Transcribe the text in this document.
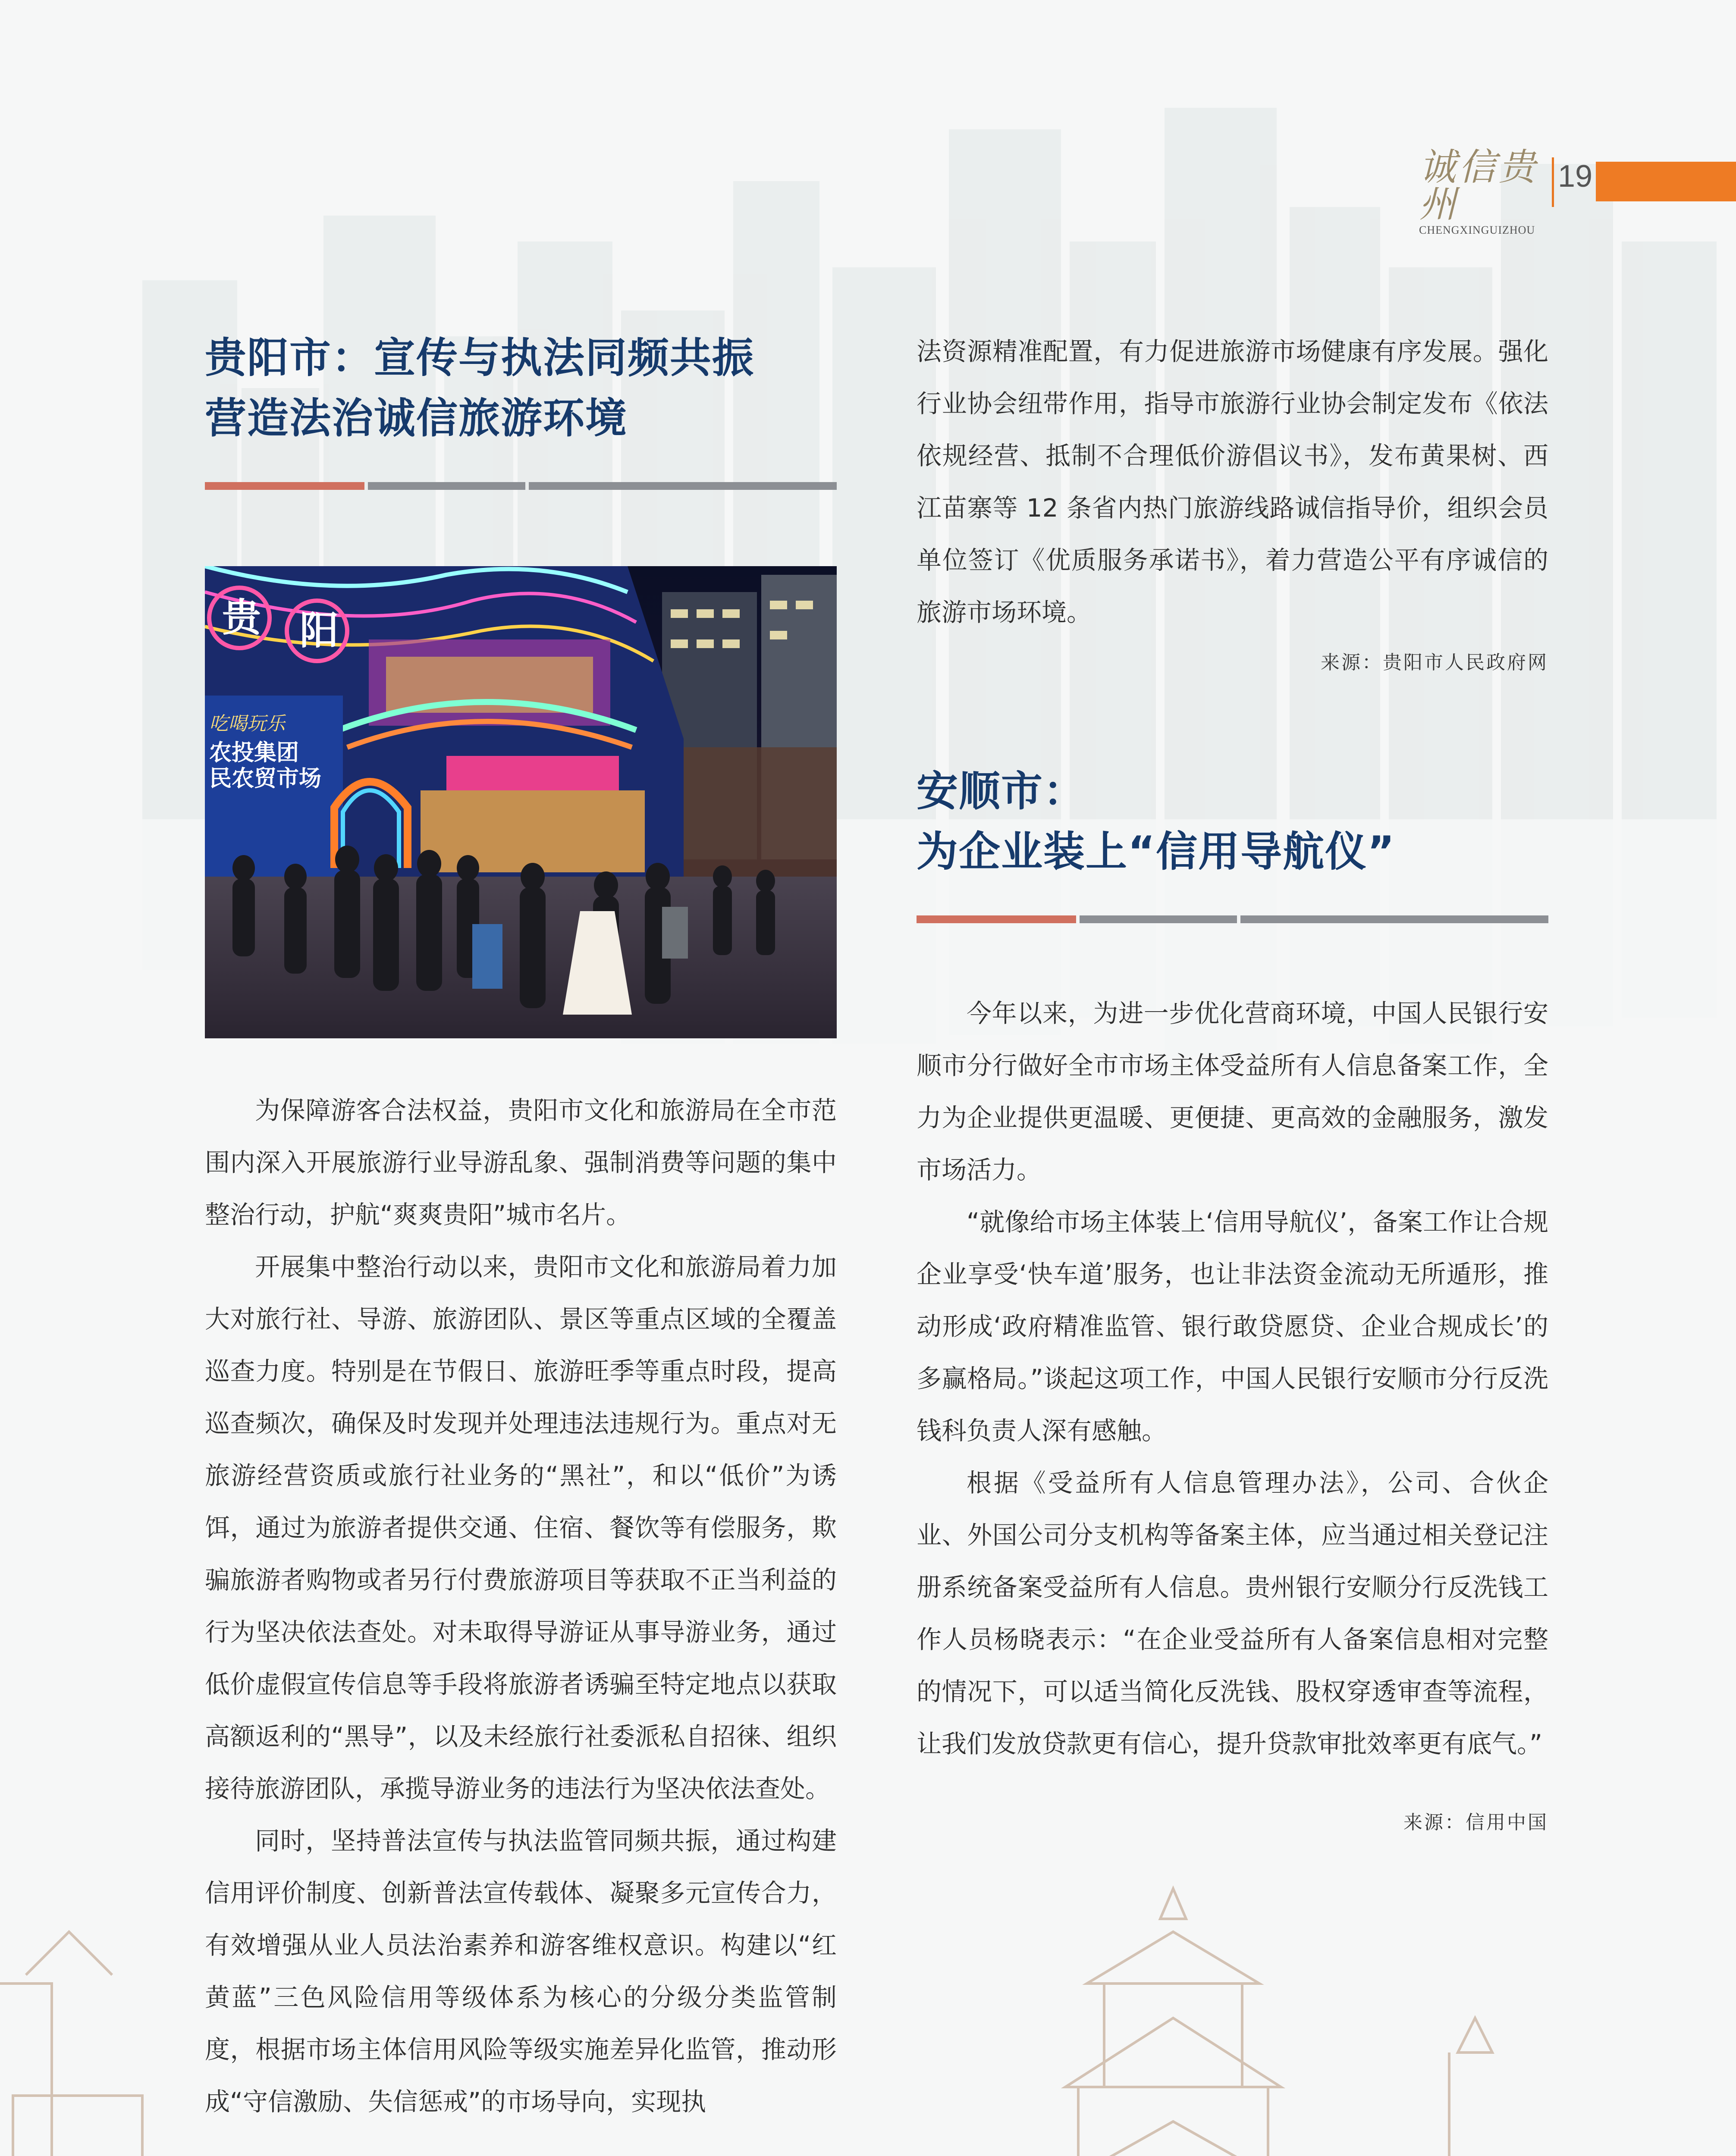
诚信贵州
CHENGXINGUIZHOU
19
贵阳市：宣传与执法同频共振
营造法治诚信旅游环境
贵 阳
吃喝玩乐
农投集团
民农贸市场

为保障游客合法权益，贵阳市文化和旅游局在全市范围内深入开展旅游行业导游乱象、强制消费等问题的集中整治行动，护航“爽爽贵阳”城市名片。

开展集中整治行动以来，贵阳市文化和旅游局着力加大对旅行社、导游、旅游团队、景区等重点区域的全覆盖巡查力度。特别是在节假日、旅游旺季等重点时段，提高巡查频次，确保及时发现并处理违法违规行为。重点对无旅游经营资质或旅行社业务的“黑社”，和以“低价”为诱饵，通过为旅游者提供交通、住宿、餐饮等有偿服务，欺骗旅游者购物或者另行付费旅游项目等获取不正当利益的行为坚决依法查处。对未取得导游证从事导游业务，通过低价虚假宣传信息等手段将旅游者诱骗至特定地点以获取高额返利的“黑导”，以及未经旅行社委派私自招徕、组织接待旅游团队，承揽导游业务的违法行为坚决依法查处。

同时，坚持普法宣传与执法监管同频共振，通过构建信用评价制度、创新普法宣传载体、凝聚多元宣传合力，有效增强从业人员法治素养和游客维权意识。构建以“红黄蓝”三色风险信用等级体系为核心的分级分类监管制度，根据市场主体信用风险等级实施差异化监管，推动形成“守信激励、失信惩戒”的市场导向，实现执

法资源精准配置，有力促进旅游市场健康有序发展。强化行业协会纽带作用，指导市旅游行业协会制定发布《依法依规经营、抵制不合理低价游倡议书》，发布黄果树、西江苗寨等 12 条省内热门旅游线路诚信指导价，组织会员单位签订《优质服务承诺书》，着力营造公平有序诚信的旅游市场环境。

来源：贵阳市人民政府网
安顺市：
为企业装上“信用导航仪”

今年以来，为进一步优化营商环境，中国人民银行安顺市分行做好全市市场主体受益所有人信息备案工作，全力为企业提供更温暖、更便捷、更高效的金融服务，激发市场活力。

“就像给市场主体装上‘信用导航仪’，备案工作让合规企业享受‘快车道’服务，也让非法资金流动无所遁形，推动形成‘政府精准监管、银行敢贷愿贷、企业合规成长’的多赢格局。”谈起这项工作，中国人民银行安顺市分行反洗钱科负责人深有感触。

根据《受益所有人信息管理办法》，公司、合伙企业、外国公司分支机构等备案主体，应当通过相关登记注册系统备案受益所有人信息。贵州银行安顺分行反洗钱工作人员杨晓表示：“在企业受益所有人备案信息相对完整的情况下，可以适当简化反洗钱、股权穿透审查等流程，让我们发放贷款更有信心，提升贷款审批效率更有底气。”

来源：信用中国
